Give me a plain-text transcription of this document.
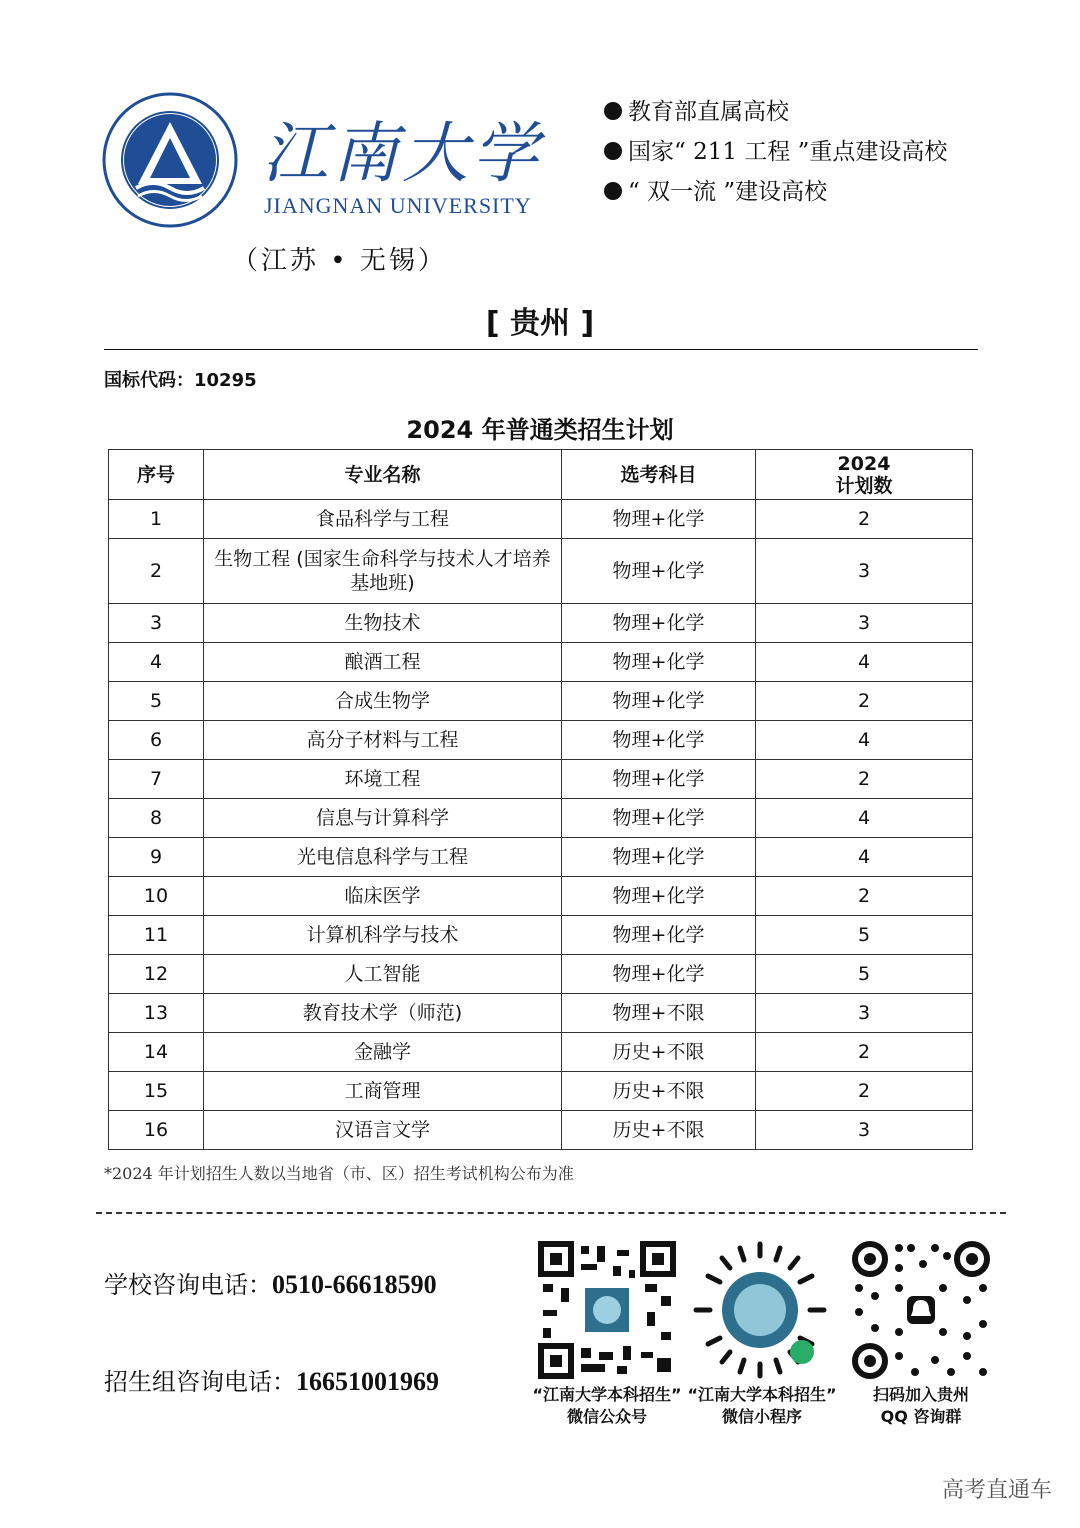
江南大学
JIANGNAN UNIVERSITY
（江苏 • 无锡）
教育部直属高校
国家“ 211 工程 ”重点建设高校
“ 双一流 ”建设高校
[ 贵州 ]
国标代码：10295
2024 年普通类招生计划
序号	专业名称	选考科目	2024
计划数
1	食品科学与工程	物理+化学	2
2	生物工程 (国家生命科学与技术人才培养基地班)	物理+化学	3
3	生物技术	物理+化学	3
4	酿酒工程	物理+化学	4
5	合成生物学	物理+化学	2
6	高分子材料与工程	物理+化学	4
7	环境工程	物理+化学	2
8	信息与计算科学	物理+化学	4
9	光电信息科学与工程	物理+化学	4
10	临床医学	物理+化学	2
11	计算机科学与技术	物理+化学	5
12	人工智能	物理+化学	5
13	教育技术学（师范)	物理+不限	3
14	金融学	历史+不限	2
15	工商管理	历史+不限	2
16	汉语言文学	历史+不限	3
*2024 年计划招生人数以当地省（市、区）招生考试机构公布为准
学校咨询电话：0510-66618590
招生组咨询电话：16651001969	“江南大学本科招生”
微信公众号
“江南大学本科招生”
微信小程序
扫码加入贵州
QQ 咨询群
高考直通车
